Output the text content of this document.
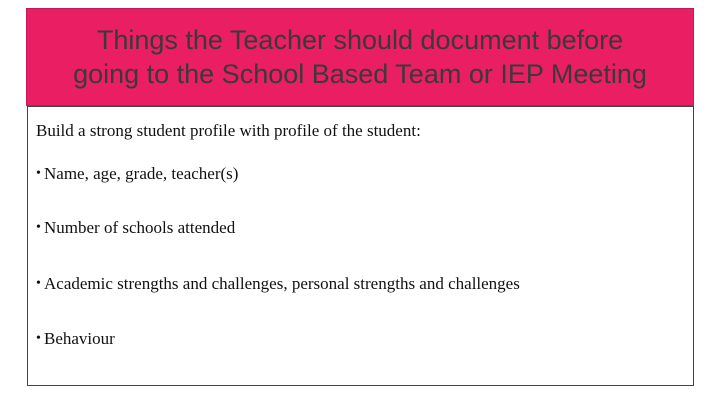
Things the Teacher should document before
going to the School Based Team or IEP Meeting
Build a strong student profile with profile of the student:
• Name, age, grade, teacher(s)
• Number of schools attended
• Academic strengths and challenges, personal strengths and challenges
• Behaviour
